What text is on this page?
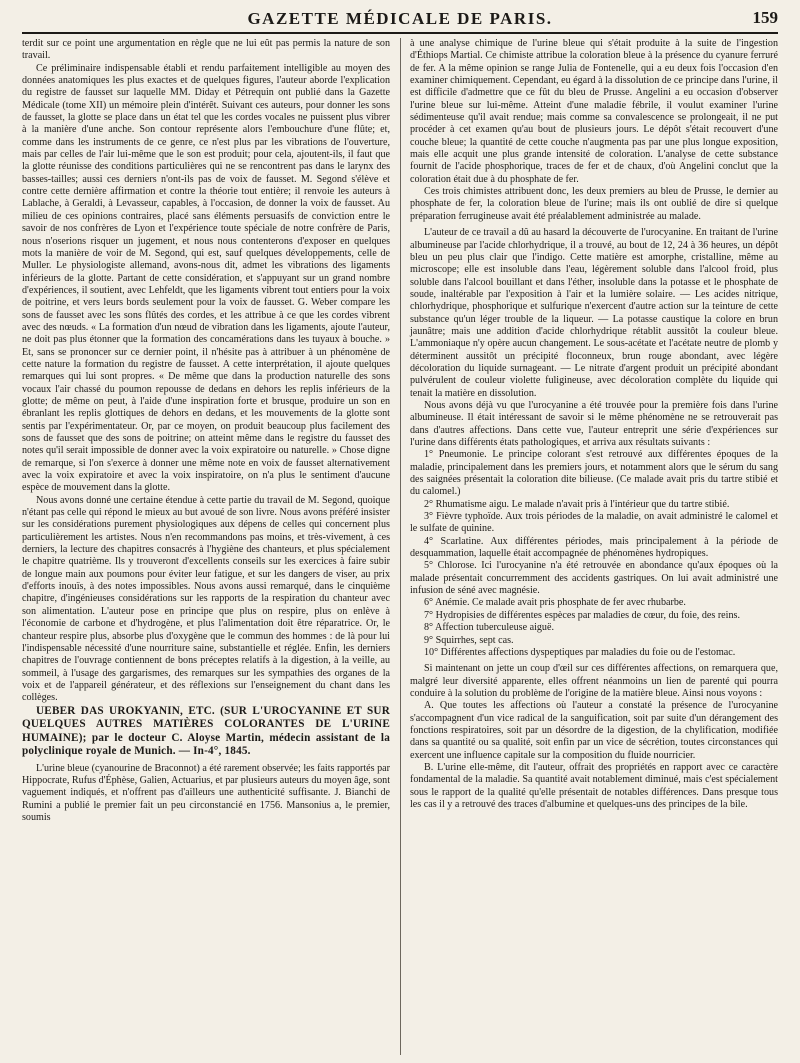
GAZETTE MÉDICALE DE PARIS.	159

terdit sur ce point une argumentation en règle que ne lui eût pas permis la nature de son travail.

Ce préliminaire indispensable établi et rendu parfaitement intelligible au moyen des données anatomiques les plus exactes et de quelques figures, l'auteur aborde l'explication du registre de fausset sur laquelle MM. Diday et Pétrequin ont publié dans la Gazette Médicale (tome XII) un mémoire plein d'intérêt. Suivant ces auteurs, pour donner les sons de fausset, la glotte se place dans un état tel que les cordes vocales ne puissent plus vibrer à la manière d'une anche. Son contour représente alors l'embouchure d'une flûte; et, comme dans les instruments de ce genre, ce n'est plus par les vibrations de l'ouverture, mais par celles de l'air lui-même que le son est produit; pour cela, ajoutent-ils, il faut que la glotte réunisse des conditions particulières qui ne se rencontrent pas dans le larynx des basses-tailles; aussi ces derniers n'ont-ils pas de voix de fausset. M. Segond s'élève et contre cette dernière affirmation et contre la théorie tout entière; il renvoie les auteurs à Lablache, à Geraldi, à Levasseur, capables, à l'occasion, de donner la voix de fausset. Au milieu de ces opinions contraires, placé sans éléments persuasifs de conviction entre le savoir de nos confrères de Lyon et l'expérience toute spéciale de notre confrère de Paris, nous n'oserions risquer un jugement, et nous nous contenterons d'exposer en quelques mots la manière de voir de M. Segond, qui est, sauf quelques développements, celle de Muller. Le physiologiste allemand, avons-nous dit, admet les vibrations des ligaments inférieurs de la glotte. Partant de cette considération, et s'appuyant sur un grand nombre d'expériences, il soutient, avec Lehfeldt, que les ligaments vibrent tout entiers pour la voix de poitrine, et vers leurs bords seulement pour la voix de fausset. G. Weber compare les sons de fausset avec les sons flûtés des cordes, et les attribue à ce que les cordes vibrent avec des nœuds. « La formation d'un nœud de vibration dans les ligaments, ajoute l'auteur, ne doit pas plus étonner que la formation des concamérations dans les tuyaux à bouche. » Et, sans se prononcer sur ce dernier point, il n'hésite pas à attribuer à un phénomène de cette nature la formation du registre de fausset. A cette interprétation, il ajoute quelques remarques qui lui sont propres. « De même que dans la production naturelle des sons vocaux l'air chassé du poumon repousse de dedans en dehors les replis inférieurs de la glotte; de même on peut, à l'aide d'une inspiration forte et brusque, produire un son en ébranlant les replis glottiques de dehors en dedans, et les mouvements de la glotte sont sentis par l'expérimentateur. Or, par ce moyen, on produit beaucoup plus facilement des sons de fausset que des sons de poitrine; on atteint même dans le registre du fausset des notes qu'il serait impossible de donner avec la voix expiratoire ou naturelle. » Chose digne de remarque, si l'on s'exerce à donner une même note en voix de fausset alternativement avec la voix expiratoire et avec la voix inspiratoire, on n'a plus le sentiment d'aucune espèce de mouvement dans la glotte.

Nous avons donné une certaine étendue à cette partie du travail de M. Segond, quoique n'étant pas celle qui répond le mieux au but avoué de son livre. Nous avons préféré insister sur les considérations purement physiologiques aux dépens de celles qui concernent plus particulièrement les artistes. Nous n'en recommandons pas moins, et très-vivement, à ces derniers, la lecture des chapitres consacrés à l'hygiène des chanteurs, et plus spécialement le chapitre quatrième. Ils y trouveront d'excellents conseils sur les exercices à faire subir de longue main aux poumons pour éviter leur fatigue, et sur les dangers de viser, au prix d'efforts inouïs, à des notes impossibles. Nous avons aussi remarqué, dans le cinquième chapitre, d'ingénieuses considérations sur les rapports de la respiration du chanteur avec son alimentation. L'auteur pose en principe que plus on respire, plus on enlève à l'économie de carbone et d'hydrogène, et plus l'alimentation doit être réparatrice. Or, le chanteur respire plus, absorbe plus d'oxygène que le commun des hommes : de là pour lui l'indispensable nécessité d'une nourriture saine, substantielle et réglée. Enfin, les derniers chapitres de l'ouvrage contiennent de bons préceptes relatifs à la digestion, à la veille, au sommeil, à l'usage des gargarismes, des remarques sur les sympathies des organes de la voix et de l'appareil générateur, et des réflexions sur l'enseignement du chant dans les collèges.

UEBER DAS UROKYANIN, ETC. (SUR L'UROCYANINE ET SUR QUELQUES AUTRES MATIÈRES COLORANTES DE L'URINE HUMAINE); par le docteur C. Aloyse Martin, médecin assistant de la polyclinique royale de Munich. — In-4°, 1845.

L'urine bleue (cyanourine de Braconnot) a été rarement observée; les faits rapportés par Hippocrate, Rufus d'Éphèse, Galien, Actuarius, et par plusieurs auteurs du moyen âge, sont vaguement indiqués, et n'offrent pas d'ailleurs une authenticité suffisante. J. Bianchi de Rumini a publié le premier fait un peu circonstancié en 1756. Mansonius a, le premier, soumis

à une analyse chimique de l'urine bleue qui s'était produite à la suite de l'ingestion d'Éthiops Martial. Ce chimiste attribue la coloration bleue à la présence du cyanure ferruré de fer. A la même opinion se range Julia de Fontenelle, qui a eu deux fois l'occasion d'en examiner chimiquement. Cependant, eu égard à la dissolution de ce principe dans l'urine, il est difficile d'admettre que ce fût du bleu de Prusse. Angelini a eu occasion d'observer l'urine bleue sur lui-même. Atteint d'une maladie fébrile, il voulut examiner l'urine sédimenteuse qu'il avait rendue; mais comme sa convalescence se prolongeait, il ne put procéder à cet examen qu'au bout de plusieurs jours. Le dépôt s'était recouvert d'une couche bleue; la quantité de cette couche n'augmenta pas par une plus longue exposition, mais elle acquit une plus grande intensité de coloration. L'analyse de cette substance fournit de l'acide phosphorique, traces de fer et de chaux, d'où Angelini conclut que la coloration était due à du phosphate de fer.

Ces trois chimistes attribuent donc, les deux premiers au bleu de Prusse, le dernier au phosphate de fer, la coloration bleue de l'urine; mais ils ont oublié de dire si quelque préparation ferrugineuse avait été préalablement administrée au malade.

L'auteur de ce travail a dû au hasard la découverte de l'urocyanine. En traitant de l'urine albumineuse par l'acide chlorhydrique, il a trouvé, au bout de 12, 24 à 36 heures, un dépôt bleu un peu plus clair que l'indigo. Cette matière est amorphe, cristalline, même au microscope; elle est insoluble dans l'eau, légèrement soluble dans l'alcool froid, plus soluble dans l'alcool bouillant et dans l'éther, insoluble dans la potasse et le phosphate de soude, inaltérable par l'exposition à l'air et la lumière solaire. — Les acides nitrique, chlorhydrique, phosphorique et sulfurique n'exercent d'autre action sur la teinture de cette substance qu'un léger trouble de la liqueur. — La potasse caustique la colore en brun jaunâtre; mais une addition d'acide chlorhydrique rétablit aussitôt la couleur bleue. L'ammoniaque n'y opère aucun changement. Le sous-acétate et l'acétate neutre de plomb y déterminent aussitôt un précipité floconneux, brun rouge abondant, avec légère décoloration du liquide surnageant. — Le nitrate d'argent produit un précipité abondant pulvérulent de couleur violette fuligineuse, avec décoloration complète du liquide qui tenait la matière en dissolution.

Nous avons déjà vu que l'urocyanine a été trouvée pour la première fois dans l'urine albumineuse. Il était intéressant de savoir si le même phénomène ne se retrouverait pas dans d'autres affections. Dans cette vue, l'auteur entreprit une série d'expériences sur l'urine dans différents états pathologiques, et arriva aux résultats suivants :

1° Pneumonie. Le principe colorant s'est retrouvé aux différentes époques de la maladie, principalement dans les premiers jours, et notamment alors que le sérum du sang des saignées présentait la coloration dite bilieuse. (Ce malade avait pris du tartre stibié et du calomel.)

2° Rhumatisme aigu. Le malade n'avait pris à l'intérieur que du tartre stibié.

3° Fièvre typhoïde. Aux trois périodes de la maladie, on avait administré le calomel et le sulfate de quinine.

4° Scarlatine. Aux différentes périodes, mais principalement à la période de desquammation, laquelle était accompagnée de phénomènes hydropiques.

5° Chlorose. Ici l'urocyanine n'a été retrouvée en abondance qu'aux époques où la malade présentait concurremment des accidents gastriques. On lui avait administré une infusion de séné avec magnésie.

6° Anémie. Ce malade avait pris phosphate de fer avec rhubarbe.

7° Hydropisies de différentes espèces par maladies de cœur, du foie, des reins.

8° Affection tuberculeuse aiguë.

9° Squirrhes, sept cas.

10° Différentes affections dyspeptiques par maladies du foie ou de l'estomac.

Si maintenant on jette un coup d'œil sur ces différentes affections, on remarquera que, malgré leur diversité apparente, elles offrent néanmoins un lien de parenté qui pourra conduire à la solution du problème de l'origine de la matière bleue. Ainsi nous voyons :

A. Que toutes les affections où l'auteur a constaté la présence de l'urocyanine s'accompagnent d'un vice radical de la sanguification, soit par suite d'un dérangement des fonctions respiratoires, soit par un désordre de la digestion, de la chylification, modifiée dans sa quantité ou sa qualité, soit enfin par un vice de sécrétion, toutes circonstances qui exercent une influence capitale sur la composition du fluide nourricier.

B. L'urine elle-même, dit l'auteur, offrait des propriétés en rapport avec ce caractère fondamental de la maladie. Sa quantité avait notablement diminué, mais c'est spécialement sous le rapport de la qualité qu'elle présentait de notables différences. Dans presque tous les cas il y a retrouvé des traces d'albumine et quelques-uns des principes de la bile.
